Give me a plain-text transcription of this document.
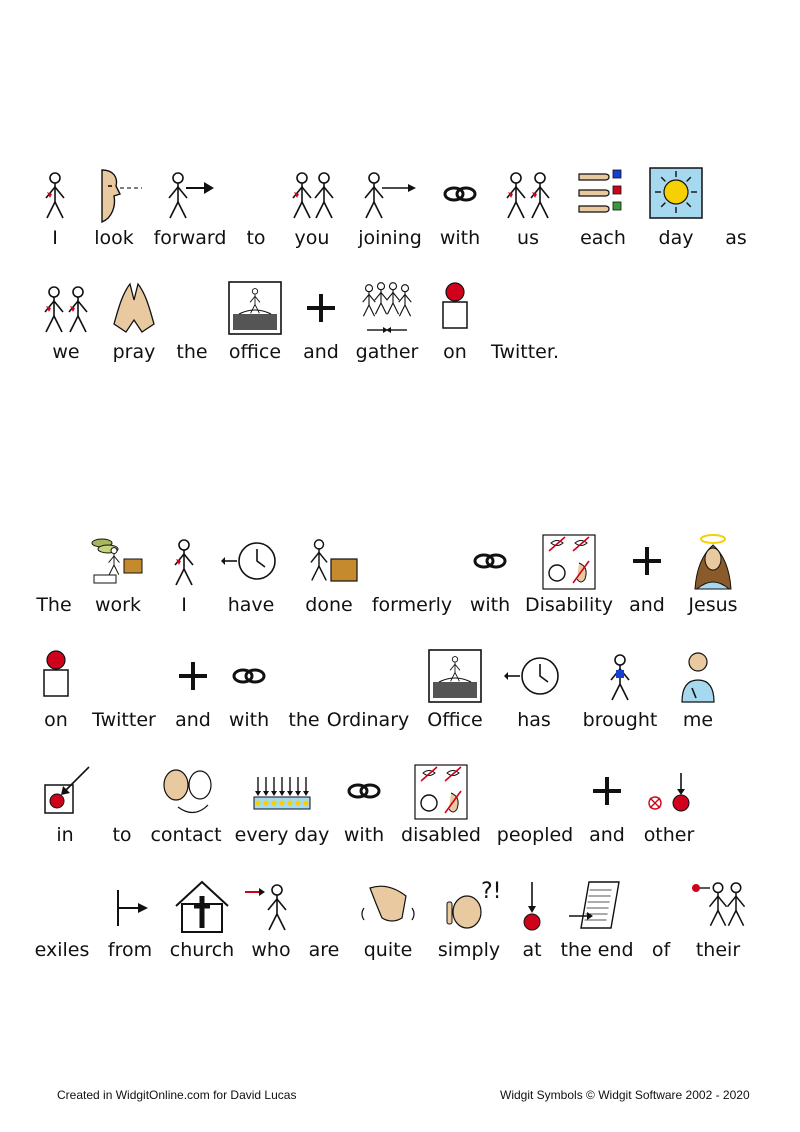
I look forward to you joining with us each day as
we pray the office and gather on Twitter.
The work I have done formerly with Disability and Jesus
on Twitter and with the Ordinary Office has brought me
in to contact every day with disabled peopled and other
exiles from church who are quite
?!
simply at the end of their
Created in WidgitOnline.com for David Lucas	Widgit Symbols © Widgit Software 2002 - 2020
